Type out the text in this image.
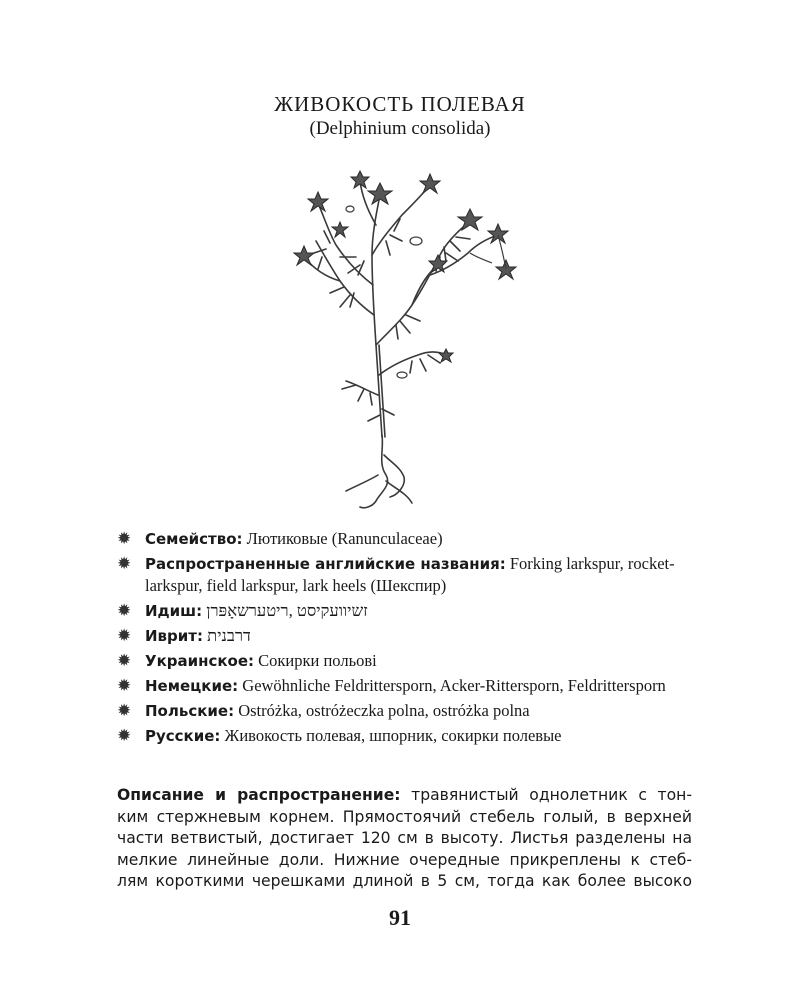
ЖИВОКОСТЬ ПОЛЕВАЯ
(Delphinium consolida)
✹ Семейство: Лютиковые (Ranunculaceae)
✹ Распространенные английские названия: Forking larkspur, rocket-larkspur, field larkspur, lark heels (Шекспир)
✹ Идиш: זשיוועקיסט ,ריטערשאָפּרן
✹ Иврит: דרבנית
✹ Украинское: Сокирки польові
✹ Немецкие: Gewöhnliche Feldrittersporn, Acker-Rittersporn, Feldrittersporn
✹ Польские: Ostróżka, ostróżeczka polna, ostróżka polna
✹ Русские: Живокость полевая, шпорник, сокирки полевые
Описание и распространение: травянистый однолетник с тон-
ким стержневым корнем. Прямостоячий стебель голый, в верхней
части ветвистый, достигает 120 см в высоту. Листья разделены на
мелкие линейные доли. Нижние очередные прикреплены к стеб-
лям короткими черешками длиной в 5 см, тогда как более высоко
91
